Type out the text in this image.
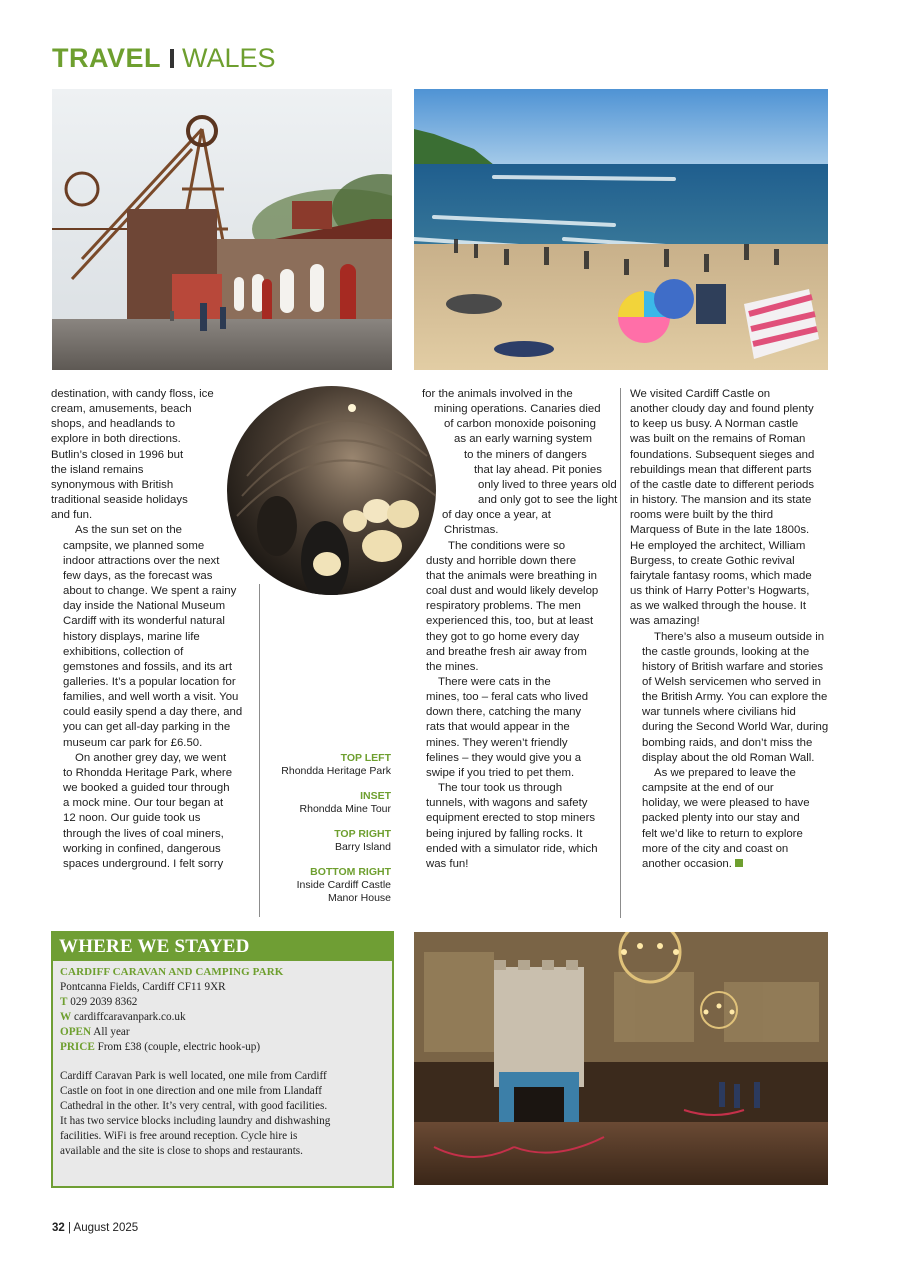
TRAVEL WALES

destination, with candy floss, ice
cream, amusements, beach
shops, and headlands to
explore in both directions.
Butlin’s closed in 1996 but
the island remains
synonymous with British
traditional seaside holidays
and fun.

As the sun set on the
campsite, we planned some
indoor attractions over the next
few days, as the forecast was
about to change. We spent a rainy
day inside the National Museum
Cardiff with its wonderful natural
history displays, marine life
exhibitions, collection of
gemstones and fossils, and its art
galleries. It’s a popular location for
families, and well worth a visit. You
could easily spend a day there, and
you can get all-day parking in the
museum car park for £6.50.

On another grey day, we went
to Rhondda Heritage Park, where
we booked a guided tour through
a mock mine. Our tour began at
12 noon. Our guide took us
through the lives of coal miners,
working in confined, dangerous
spaces underground. I felt sorry

TOP LEFT
Rhondda Heritage Park
INSET
Rhondda Mine Tour
TOP RIGHT
Barry Island
BOTTOM RIGHT
Inside Cardiff Castle
Manor House

for the animals involved in the
mining operations. Canaries died
of carbon monoxide poisoning
as an early warning system
to the miners of dangers
that lay ahead. Pit ponies
only lived to three years old
and only got to see the light
of day once a year, at
Christmas.

The conditions were so
dusty and horrible down there
that the animals were breathing in
coal dust and would likely develop
respiratory problems. The men
experienced this, too, but at least
they got to go home every day
and breathe fresh air away from
the mines.

There were cats in the
mines, too – feral cats who lived
down there, catching the many
rats that would appear in the
mines. They weren’t friendly
felines – they would give you a
swipe if you tried to pet them.

The tour took us through
tunnels, with wagons and safety
equipment erected to stop miners
being injured by falling rocks. It
ended with a simulator ride, which
was fun!

We visited Cardiff Castle on
another cloudy day and found plenty
to keep us busy. A Norman castle
was built on the remains of Roman
foundations. Subsequent sieges and
rebuildings mean that different parts
of the castle date to different periods
in history. The mansion and its state
rooms were built by the third
Marquess of Bute in the late 1800s.
He employed the architect, William
Burgess, to create Gothic revival
fairytale fantasy rooms, which made
us think of Harry Potter’s Hogwarts,
as we walked through the house. It
was amazing!

There’s also a museum outside in
the castle grounds, looking at the
history of British warfare and stories
of Welsh servicemen who served in
the British Army. You can explore the
war tunnels where civilians hid
during the Second World War, during
bombing raids, and don’t miss the
display about the old Roman Wall.

As we prepared to leave the
campsite at the end of our
holiday, we were pleased to have
packed plenty into our stay and
felt we’d like to return to explore
more of the city and coast on
another occasion.

WHERE WE STAYED
CARDIFF CARAVAN AND CAMPING PARK
Pontcanna Fields, Cardiff CF11 9XR
T 029 2039 8362
W cardiffcaravanpark.co.uk
OPEN All year
PRICE From £38 (couple, electric hook-up)
Cardiff Caravan Park is well located, one mile from Cardiff
Castle on foot in one direction and one mile from Llandaff
Cathedral in the other. It’s very central, with good facilities.
It has two service blocks including laundry and dishwashing
facilities. WiFi is free around reception. Cycle hire is
available and the site is close to shops and restaurants.
32 | August 2025
